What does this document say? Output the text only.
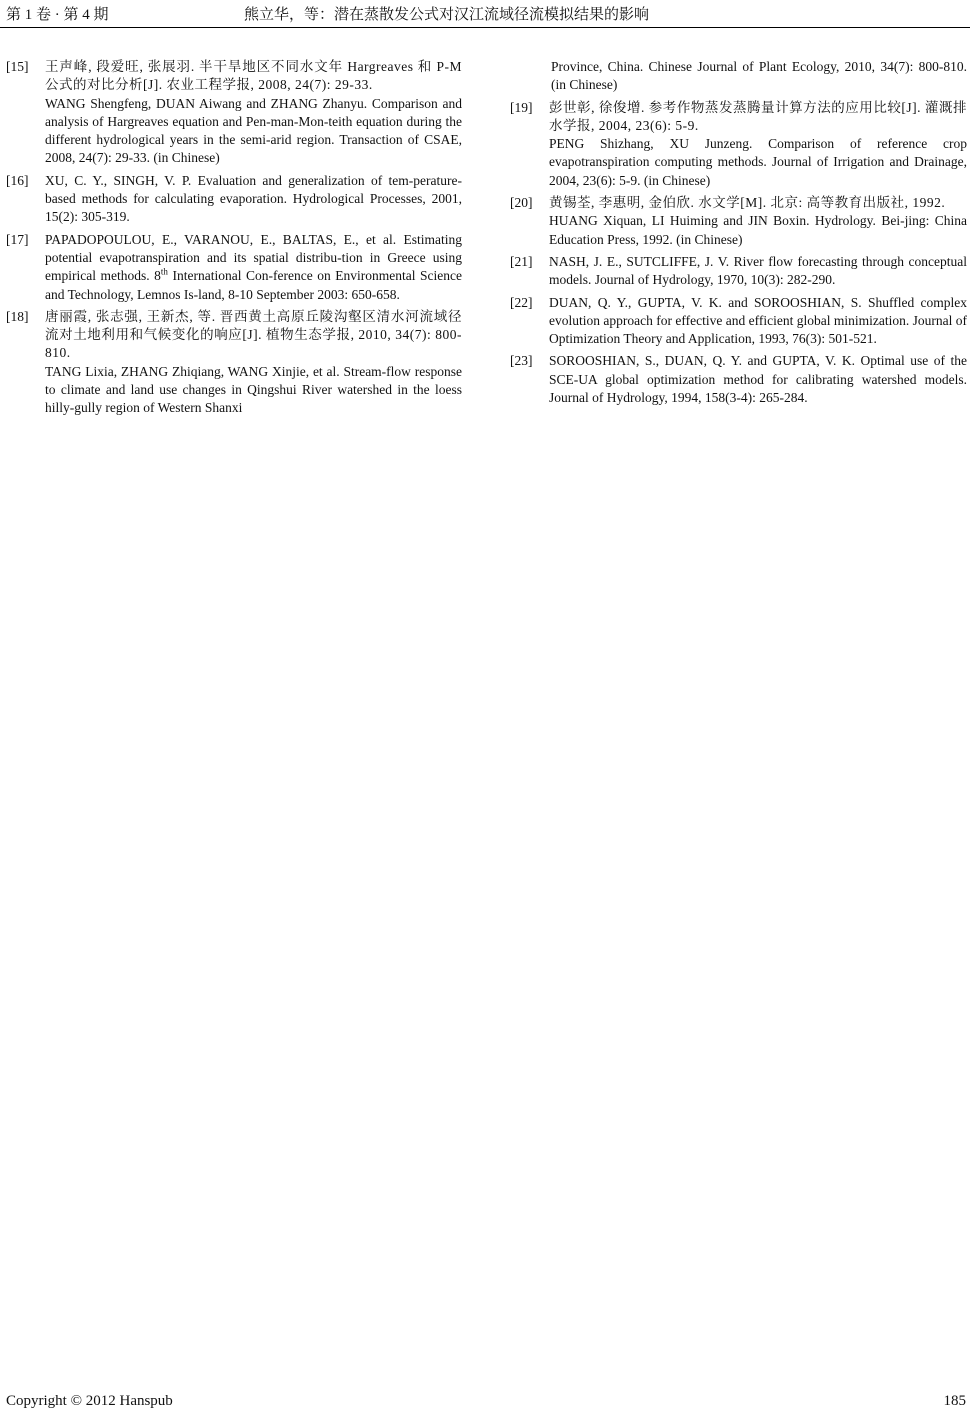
第 1 卷 · 第 4 期	熊立华，等：潜在蒸散发公式对汉江流域径流模拟结果的影响
[15] 王声峰, 段爱旺, 张展羽. 半干旱地区不同水文年 Hargreaves 和 P-M 公式的对比分析[J]. 农业工程学报, 2008, 24(7): 29-33.

WANG Shengfeng, DUAN Aiwang and ZHANG Zhanyu. Comparison and analysis of Hargreaves equation and Pen-man-Mon-teith equation during the different hydrological years in the semi-arid region. Transaction of CSAE, 2008, 24(7): 29-33. (in Chinese)

[16] XU, C. Y., SINGH, V. P. Evaluation and generalization of tem-perature-based methods for calculating evaporation. Hydrological Processes, 2001, 15(2): 305-319.

[17] PAPADOPOULOU, E., VARANOU, E., BALTAS, E., et al. Estimating potential evapotranspiration and its spatial distribu-tion in Greece using empirical methods. 8th International Con-ference on Environmental Science and Technology, Lemnos Is-land, 8-10 September 2003: 650-658.

[18] 唐丽霞, 张志强, 王新杰, 等. 晋西黄土高原丘陵沟壑区清水河流域径流对土地利用和气候变化的响应[J]. 植物生态学报, 2010, 34(7): 800-810.

TANG Lixia, ZHANG Zhiqiang, WANG Xinjie, et al. Stream-flow response to climate and land use changes in Qingshui River watershed in the loess hilly-gully region of Western Shanxi

Province, China. Chinese Journal of Plant Ecology, 2010, 34(7): 800-810. (in Chinese)
[19] 彭世彰, 徐俊增. 参考作物蒸发蒸腾量计算方法的应用比较[J]. 灌溉排水学报, 2004, 23(6): 5-9.

PENG Shizhang, XU Junzeng. Comparison of reference crop evapotranspiration computing methods. Journal of Irrigation and Drainage, 2004, 23(6): 5-9. (in Chinese)

[20] 黄锡荃, 李惠明, 金伯欣. 水文学[M]. 北京: 高等教育出版社, 1992.

HUANG Xiquan, LI Huiming and JIN Boxin. Hydrology. Bei-jing: China Education Press, 1992. (in Chinese)

[21] NASH, J. E., SUTCLIFFE, J. V. River flow forecasting through conceptual models. Journal of Hydrology, 1970, 10(3): 282-290.

[22] DUAN, Q. Y., GUPTA, V. K. and SOROOSHIAN, S. Shuffled complex evolution approach for effective and efficient global minimization. Journal of Optimization Theory and Application, 1993, 76(3): 501-521.

[23] SOROOSHIAN, S., DUAN, Q. Y. and GUPTA, V. K. Optimal use of the SCE-UA global optimization method for calibrating watershed models. Journal of Hydrology, 1994, 158(3-4): 265-284.

Copyright © 2012 Hanspub	185
